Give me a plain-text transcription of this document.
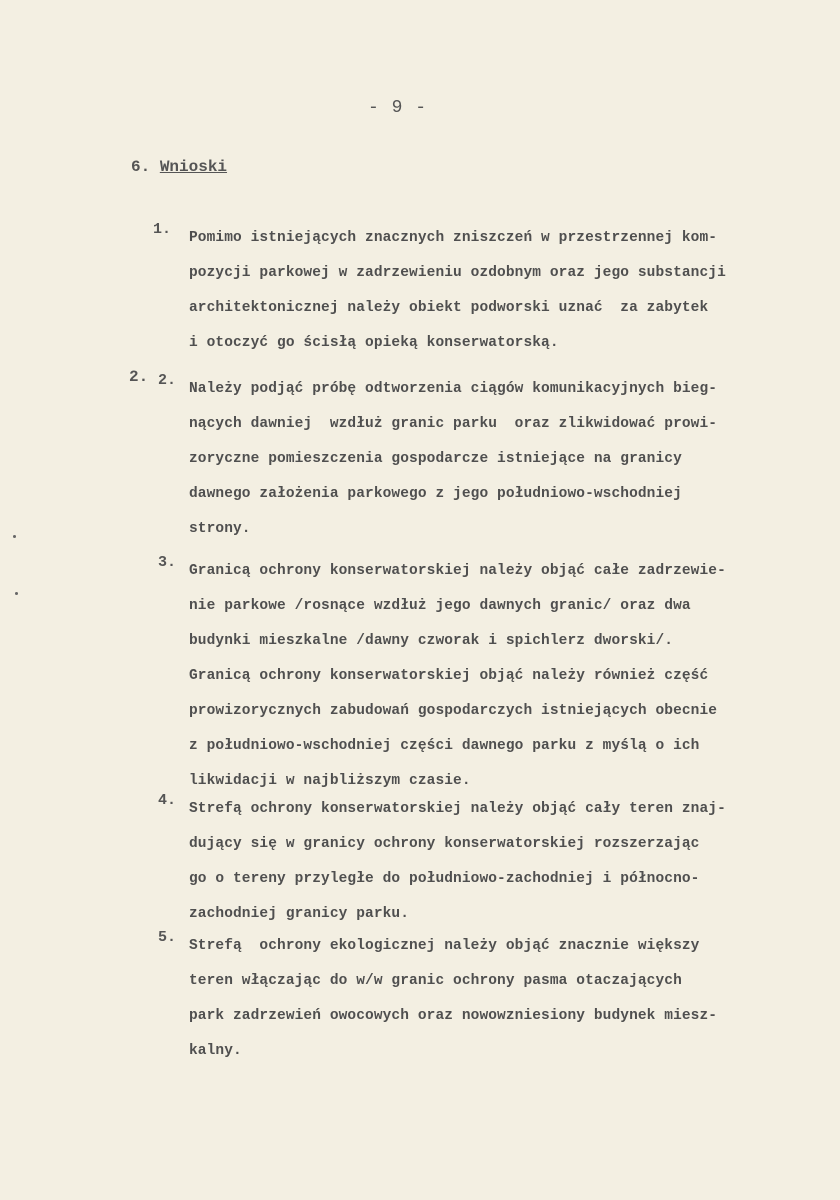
- 9 -
6. Wnioski
2.
1. Pomimo istniejących znacznych zniszczeń w przestrzennej kom-
pozycji parkowej w zadrzewieniu ozdobnym oraz jego substancji
architektonicznej należy obiekt podworski uznać  za zabytek
i otoczyć go ścisłą opieką konserwatorską.
2. Należy podjąć próbę odtworzenia ciągów komunikacyjnych bieg-
nących dawniej  wzdłuż granic parku  oraz zlikwidować prowi-
zoryczne pomieszczenia gospodarcze istniejące na granicy
dawnego założenia parkowego z jego południowo-wschodniej
strony.
3. Granicą ochrony konserwatorskiej należy objąć całe zadrzewie-
nie parkowe /rosnące wzdłuż jego dawnych granic/ oraz dwa
budynki mieszkalne /dawny czworak i spichlerz dworski/.
Granicą ochrony konserwatorskiej objąć należy również część
prowizorycznych zabudowań gospodarczych istniejących obecnie
z południowo-wschodniej części dawnego parku z myślą o ich
likwidacji w najbliższym czasie.
4. Strefą ochrony konserwatorskiej należy objąć cały teren znaj-
dujący się w granicy ochrony konserwatorskiej rozszerzając
go o tereny przyległe do południowo-zachodniej i północno-
zachodniej granicy parku.
5. Strefą  ochrony ekologicznej należy objąć znacznie większy
teren włączając do w/w granic ochrony pasma otaczających
park zadrzewień owocowych oraz nowowzniesiony budynek miesz-
kalny.
